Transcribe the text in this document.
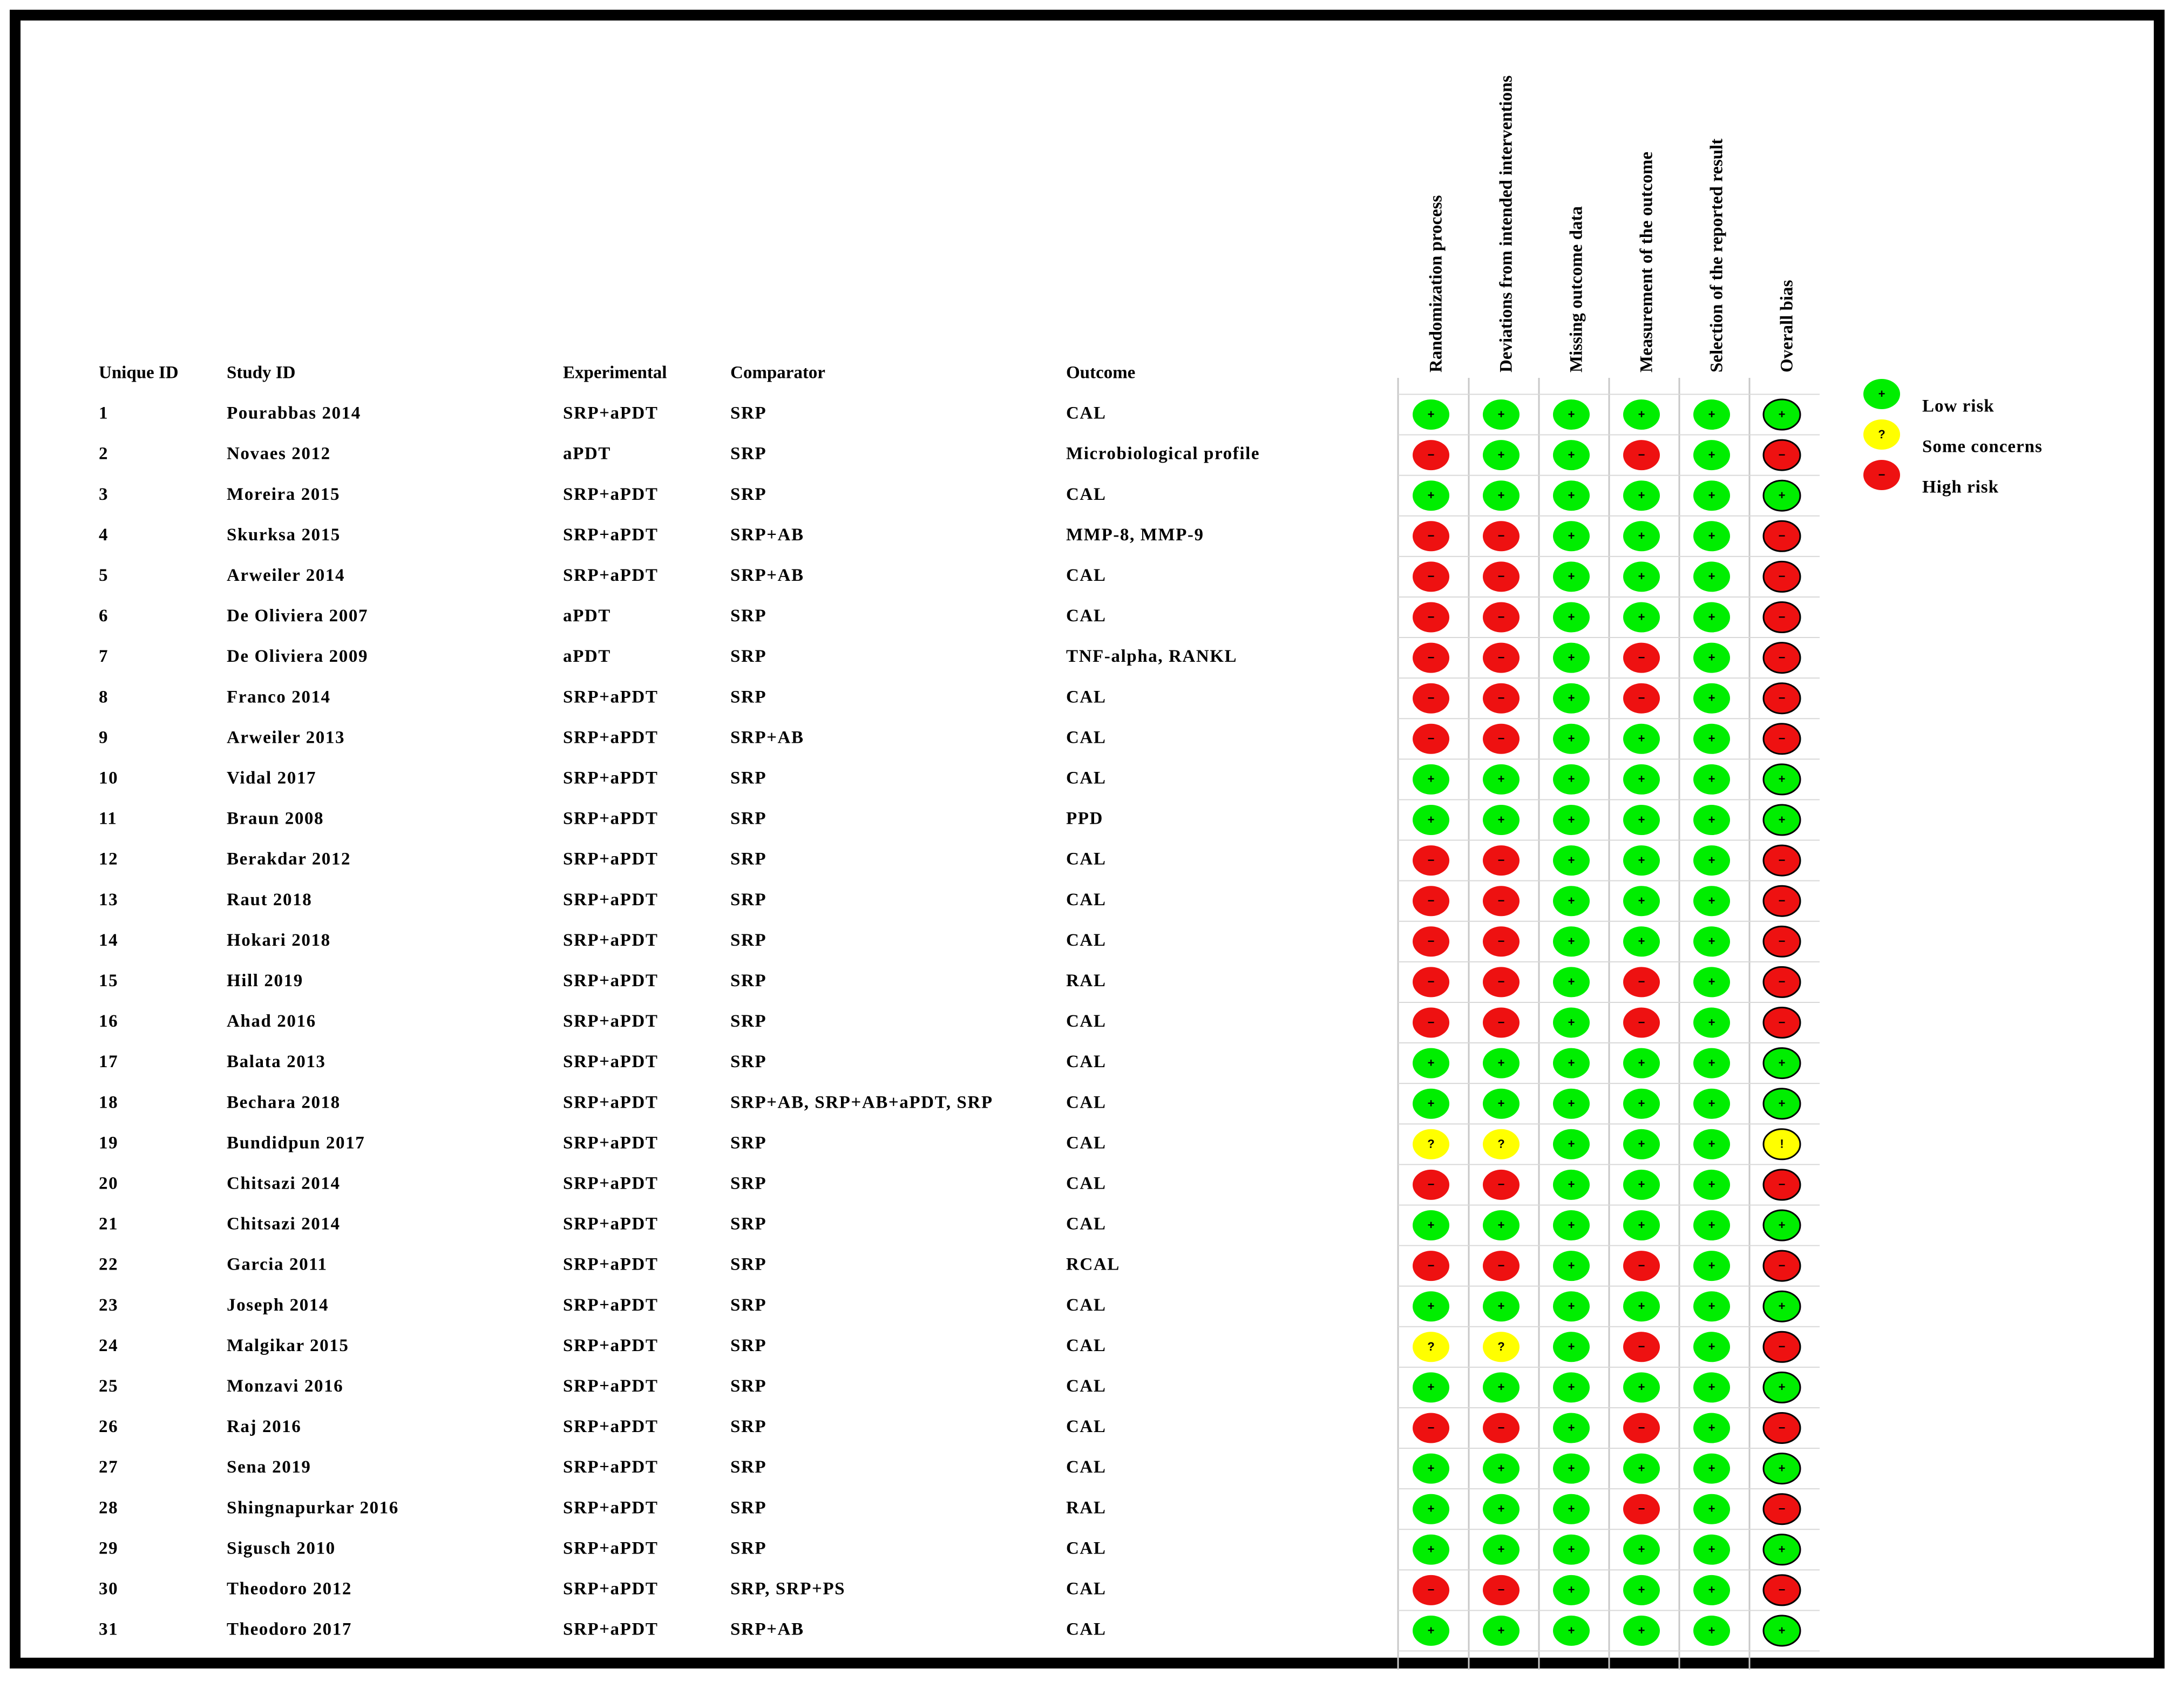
Unique ID	Study ID	Experimental	Comparator	Outcome
Randomization process	Deviations from intended interventions	Missing outcome data	Measurement of the outcome	Selection of the reported result	Overall bias
1	Pourabbas 2014	SRP+aPDT	SRP	CAL	+	+	+	+	+	+
2	Novaes 2012	aPDT	SRP	Microbiological profile	−	+	+	−	+	−
3	Moreira 2015	SRP+aPDT	SRP	CAL	+	+	+	+	+	+
4	Skurksa 2015	SRP+aPDT	SRP+AB	MMP-8, MMP-9	−	−	+	+	+	−
5	Arweiler 2014	SRP+aPDT	SRP+AB	CAL	−	−	+	+	+	−
6	De Oliviera 2007	aPDT	SRP	CAL	−	−	+	+	+	−
7	De Oliviera 2009	aPDT	SRP	TNF-alpha, RANKL	−	−	+	−	+	−
8	Franco 2014	SRP+aPDT	SRP	CAL	−	−	+	−	+	−
9	Arweiler 2013	SRP+aPDT	SRP+AB	CAL	−	−	+	+	+	−
10	Vidal 2017	SRP+aPDT	SRP	CAL	+	+	+	+	+	+
11	Braun 2008	SRP+aPDT	SRP	PPD	+	+	+	+	+	+
12	Berakdar 2012	SRP+aPDT	SRP	CAL	−	−	+	+	+	−
13	Raut 2018	SRP+aPDT	SRP	CAL	−	−	+	+	+	−
14	Hokari 2018	SRP+aPDT	SRP	CAL	−	−	+	+	+	−
15	Hill 2019	SRP+aPDT	SRP	RAL	−	−	+	−	+	−
16	Ahad 2016	SRP+aPDT	SRP	CAL	−	−	+	−	+	−
17	Balata 2013	SRP+aPDT	SRP	CAL	+	+	+	+	+	+
18	Bechara 2018	SRP+aPDT	SRP+AB, SRP+AB+aPDT, SRP	CAL	+	+	+	+	+	+
19	Bundidpun 2017	SRP+aPDT	SRP	CAL	?	?	+	+	+	!
20	Chitsazi 2014	SRP+aPDT	SRP	CAL	−	−	+	+	+	−
21	Chitsazi 2014	SRP+aPDT	SRP	CAL	+	+	+	+	+	+
22	Garcia 2011	SRP+aPDT	SRP	RCAL	−	−	+	−	+	−
23	Joseph 2014	SRP+aPDT	SRP	CAL	+	+	+	+	+	+
24	Malgikar 2015	SRP+aPDT	SRP	CAL	?	?	+	−	+	−
25	Monzavi 2016	SRP+aPDT	SRP	CAL	+	+	+	+	+	+
26	Raj 2016	SRP+aPDT	SRP	CAL	−	−	+	−	+	−
27	Sena 2019	SRP+aPDT	SRP	CAL	+	+	+	+	+	+
28	Shingnapurkar 2016	SRP+aPDT	SRP	RAL	+	+	+	−	+	−
29	Sigusch 2010	SRP+aPDT	SRP	CAL	+	+	+	+	+	+
30	Theodoro 2012	SRP+aPDT	SRP, SRP+PS	CAL	−	−	+	+	+	−
31	Theodoro 2017	SRP+aPDT	SRP+AB	CAL	+	+	+	+	+	+
+
Low risk
?
Some concerns
−
High risk
